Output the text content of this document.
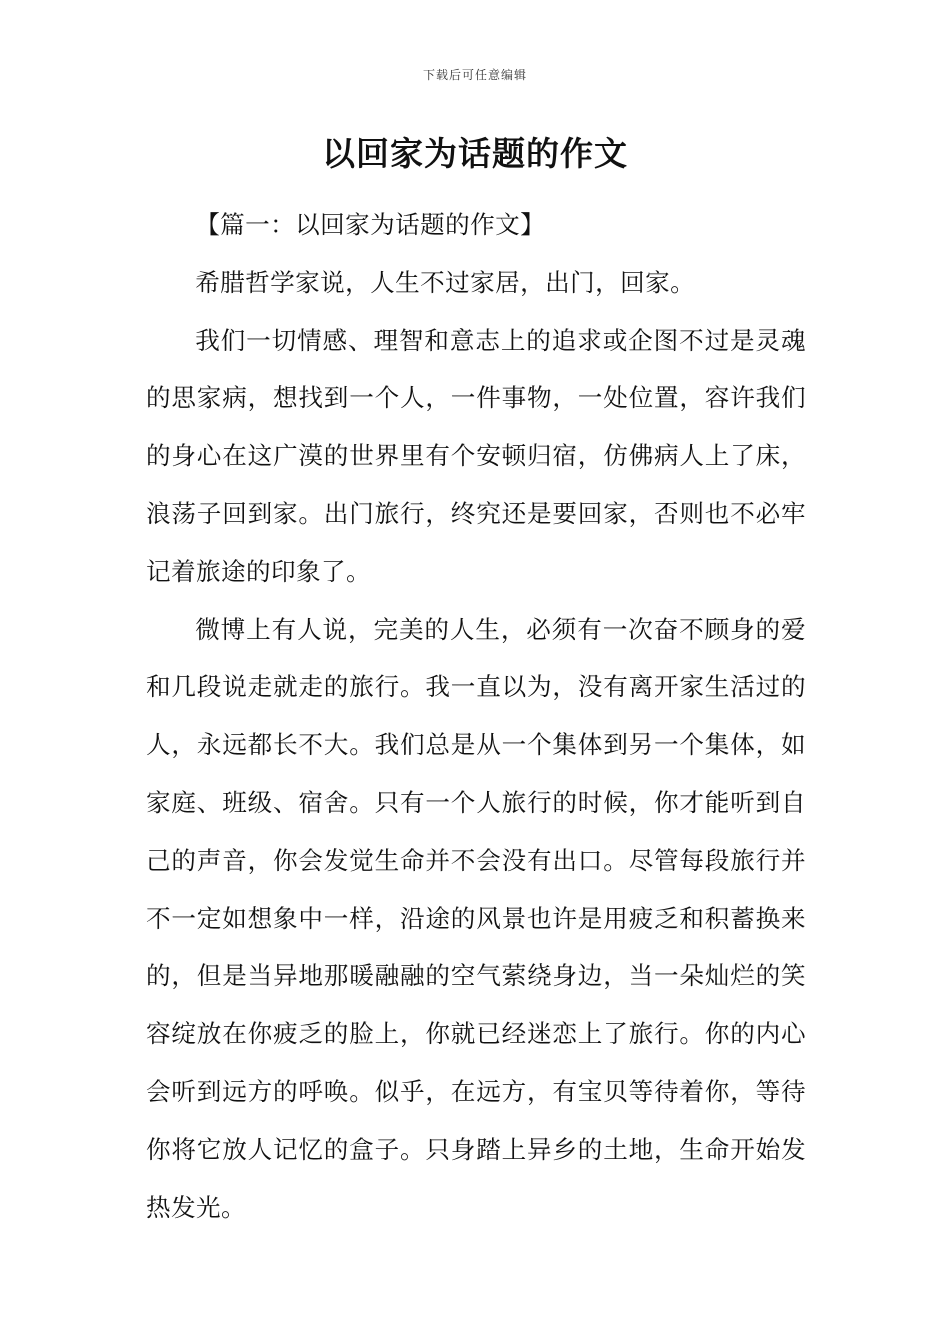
下载后可任意编辑
以回家为话题的作文

【篇一：以回家为话题的作文】

希腊哲学家说，人生不过家居，出门，回家。

我们一切情感、理智和意志上的追求或企图不过是灵魂的思家病，想找到一个人，一件事物，一处位置，容许我们的身心在这广漠的世界里有个安顿归宿，仿佛病人上了床，浪荡子回到家。出门旅行，终究还是要回家，否则也不必牢记着旅途的印象了。

微博上有人说，完美的人生，必须有一次奋不顾身的爱和几段说走就走的旅行。我一直以为，没有离开家生活过的人，永远都长不大。我们总是从一个集体到另一个集体，如家庭、班级、宿舍。只有一个人旅行的时候，你才能听到自己的声音，你会发觉生命并不会没有出口。尽管每段旅行并不一定如想象中一样，沿途的风景也许是用疲乏和积蓄换来的，但是当异地那暖融融的空气萦绕身边，当一朵灿烂的笑容绽放在你疲乏的脸上，你就已经迷恋上了旅行。你的内心会听到远方的呼唤。似乎，在远方，有宝贝等待着你，等待你将它放人记忆的盒子。只身踏上异乡的土地，生命开始发热发光。
